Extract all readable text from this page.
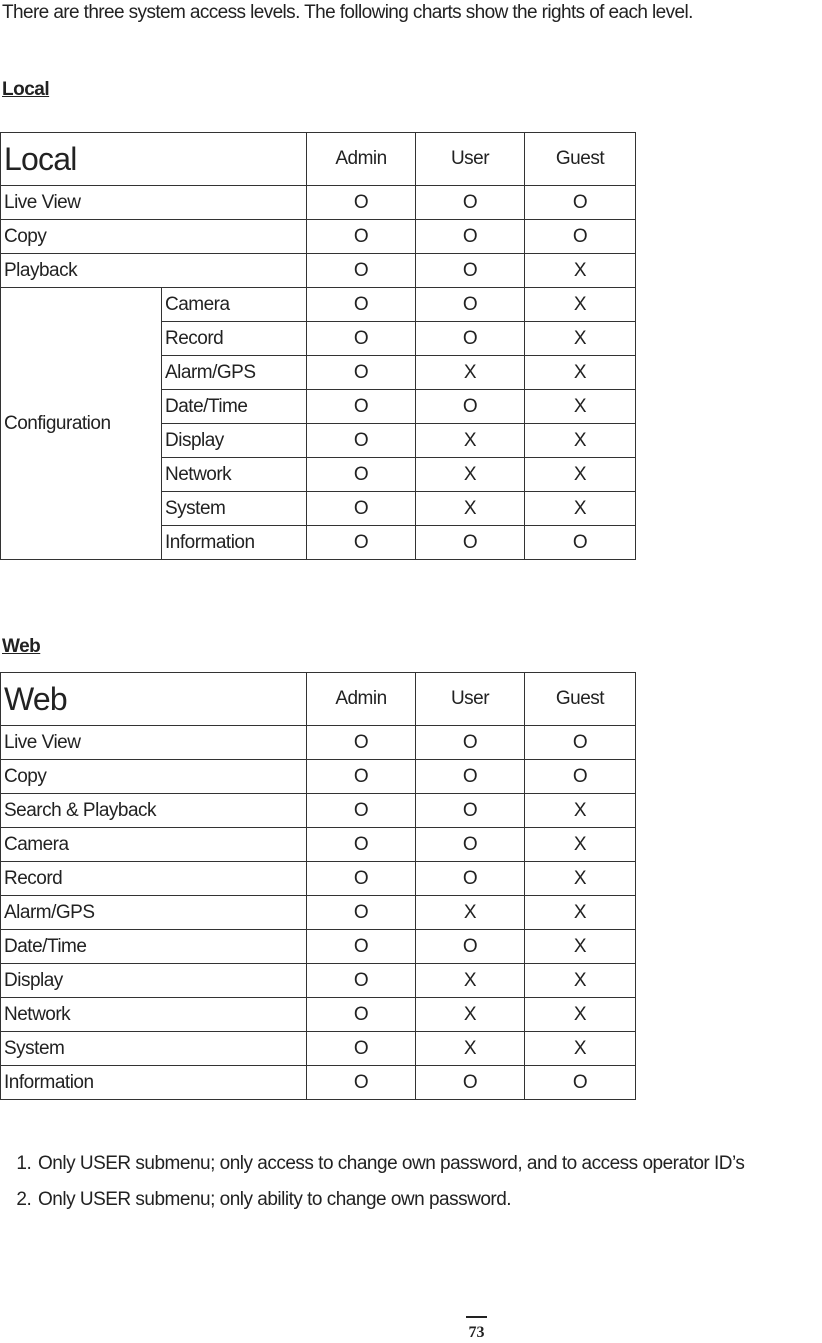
There are three system access levels. The following charts show the rights of each level.
Local
Local		Admin	User	Guest
Live View		O	O	O
Copy		O	O	O
Playback		O	O	X
Configuration	Camera	O	O	X
	Record	O	O	X
	Alarm/GPS	O	X	X
	Date/Time	O	O	X
	Display	O	X	X
	Network	O	X	X
	System	O	X	X
	Information	O	O	O
Web
Web	Admin	User	Guest
Live View	O	O	O
Copy	O	O	O
Search & Playback	O	O	X
Camera	O	O	X
Record	O	O	X
Alarm/GPS	O	X	X
Date/Time	O	O	X
Display	O	X	X
Network	O	X	X
System	O	X	X
Information	O	O	O
1. Only USER submenu; only access to change own password, and to access operator ID’s
2. Only USER submenu; only ability to change own password.
73
